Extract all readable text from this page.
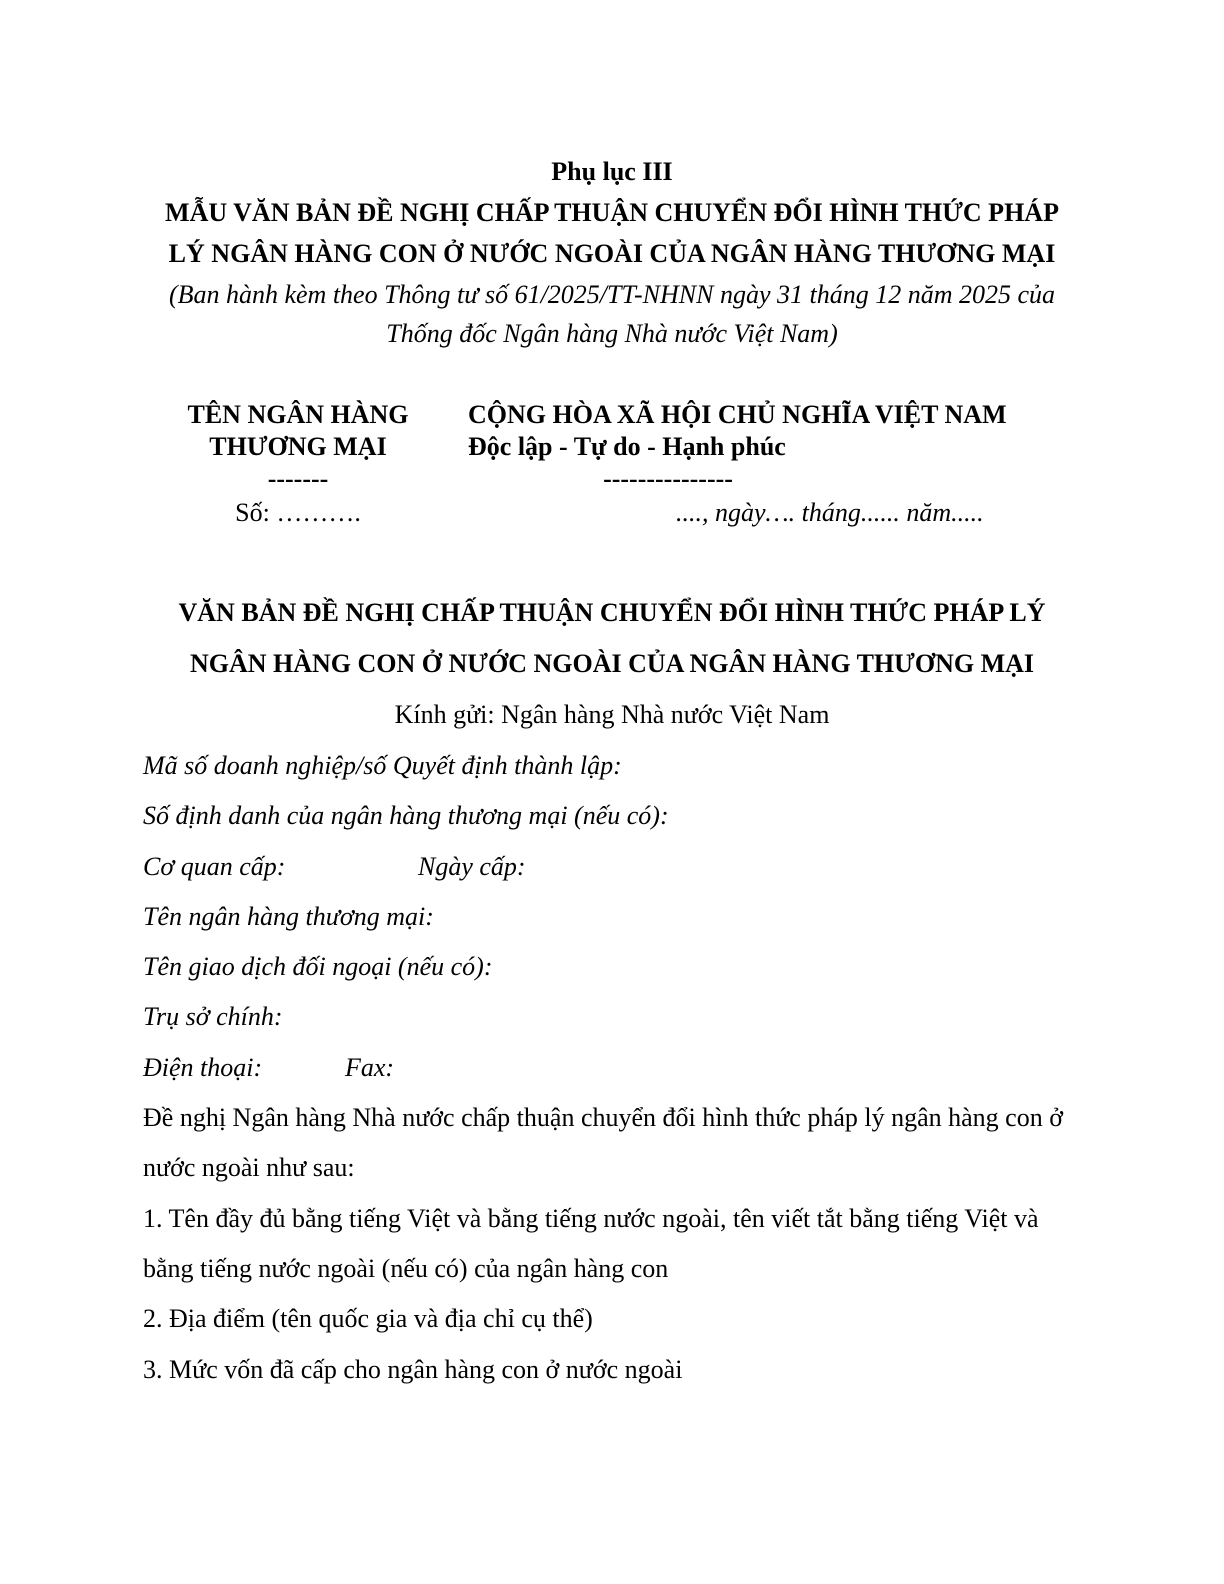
Phụ lục III
MẪU VĂN BẢN ĐỀ NGHỊ CHẤP THUẬN CHUYỂN ĐỔI HÌNH THỨC PHÁP
LÝ NGÂN HÀNG CON Ở NƯỚC NGOÀI CỦA NGÂN HÀNG THƯƠNG MẠI
(Ban hành kèm theo Thông tư số 61/2025/TT-NHNN ngày 31 tháng 12 năm 2025 của
Thống đốc Ngân hàng Nhà nước Việt Nam)
TÊN NGÂN HÀNG
THƯƠNG MẠI
-------
Số: ……….
CỘNG HÒA XÃ HỘI CHỦ NGHĨA VIỆT NAM
Độc lập - Tự do - Hạnh phúc
---------------
...., ngày…. tháng...... năm.....
VĂN BẢN ĐỀ NGHỊ CHẤP THUẬN CHUYỂN ĐỔI HÌNH THỨC PHÁP LÝ
NGÂN HÀNG CON Ở NƯỚC NGOÀI CỦA NGÂN HÀNG THƯƠNG MẠI
Kính gửi: Ngân hàng Nhà nước Việt Nam
Mã số doanh nghiệp/số Quyết định thành lập:
Số định danh của ngân hàng thương mại (nếu có):
Cơ quan cấp:	Ngày cấp:
Tên ngân hàng thương mại:
Tên giao dịch đối ngoại (nếu có):
Trụ sở chính:
Điện thoại:	Fax:
Đề nghị Ngân hàng Nhà nước chấp thuận chuyển đổi hình thức pháp lý ngân hàng con ở
nước ngoài như sau:
1. Tên đầy đủ bằng tiếng Việt và bằng tiếng nước ngoài, tên viết tắt bằng tiếng Việt và
bằng tiếng nước ngoài (nếu có) của ngân hàng con
2. Địa điểm (tên quốc gia và địa chỉ cụ thể)
3. Mức vốn đã cấp cho ngân hàng con ở nước ngoài
